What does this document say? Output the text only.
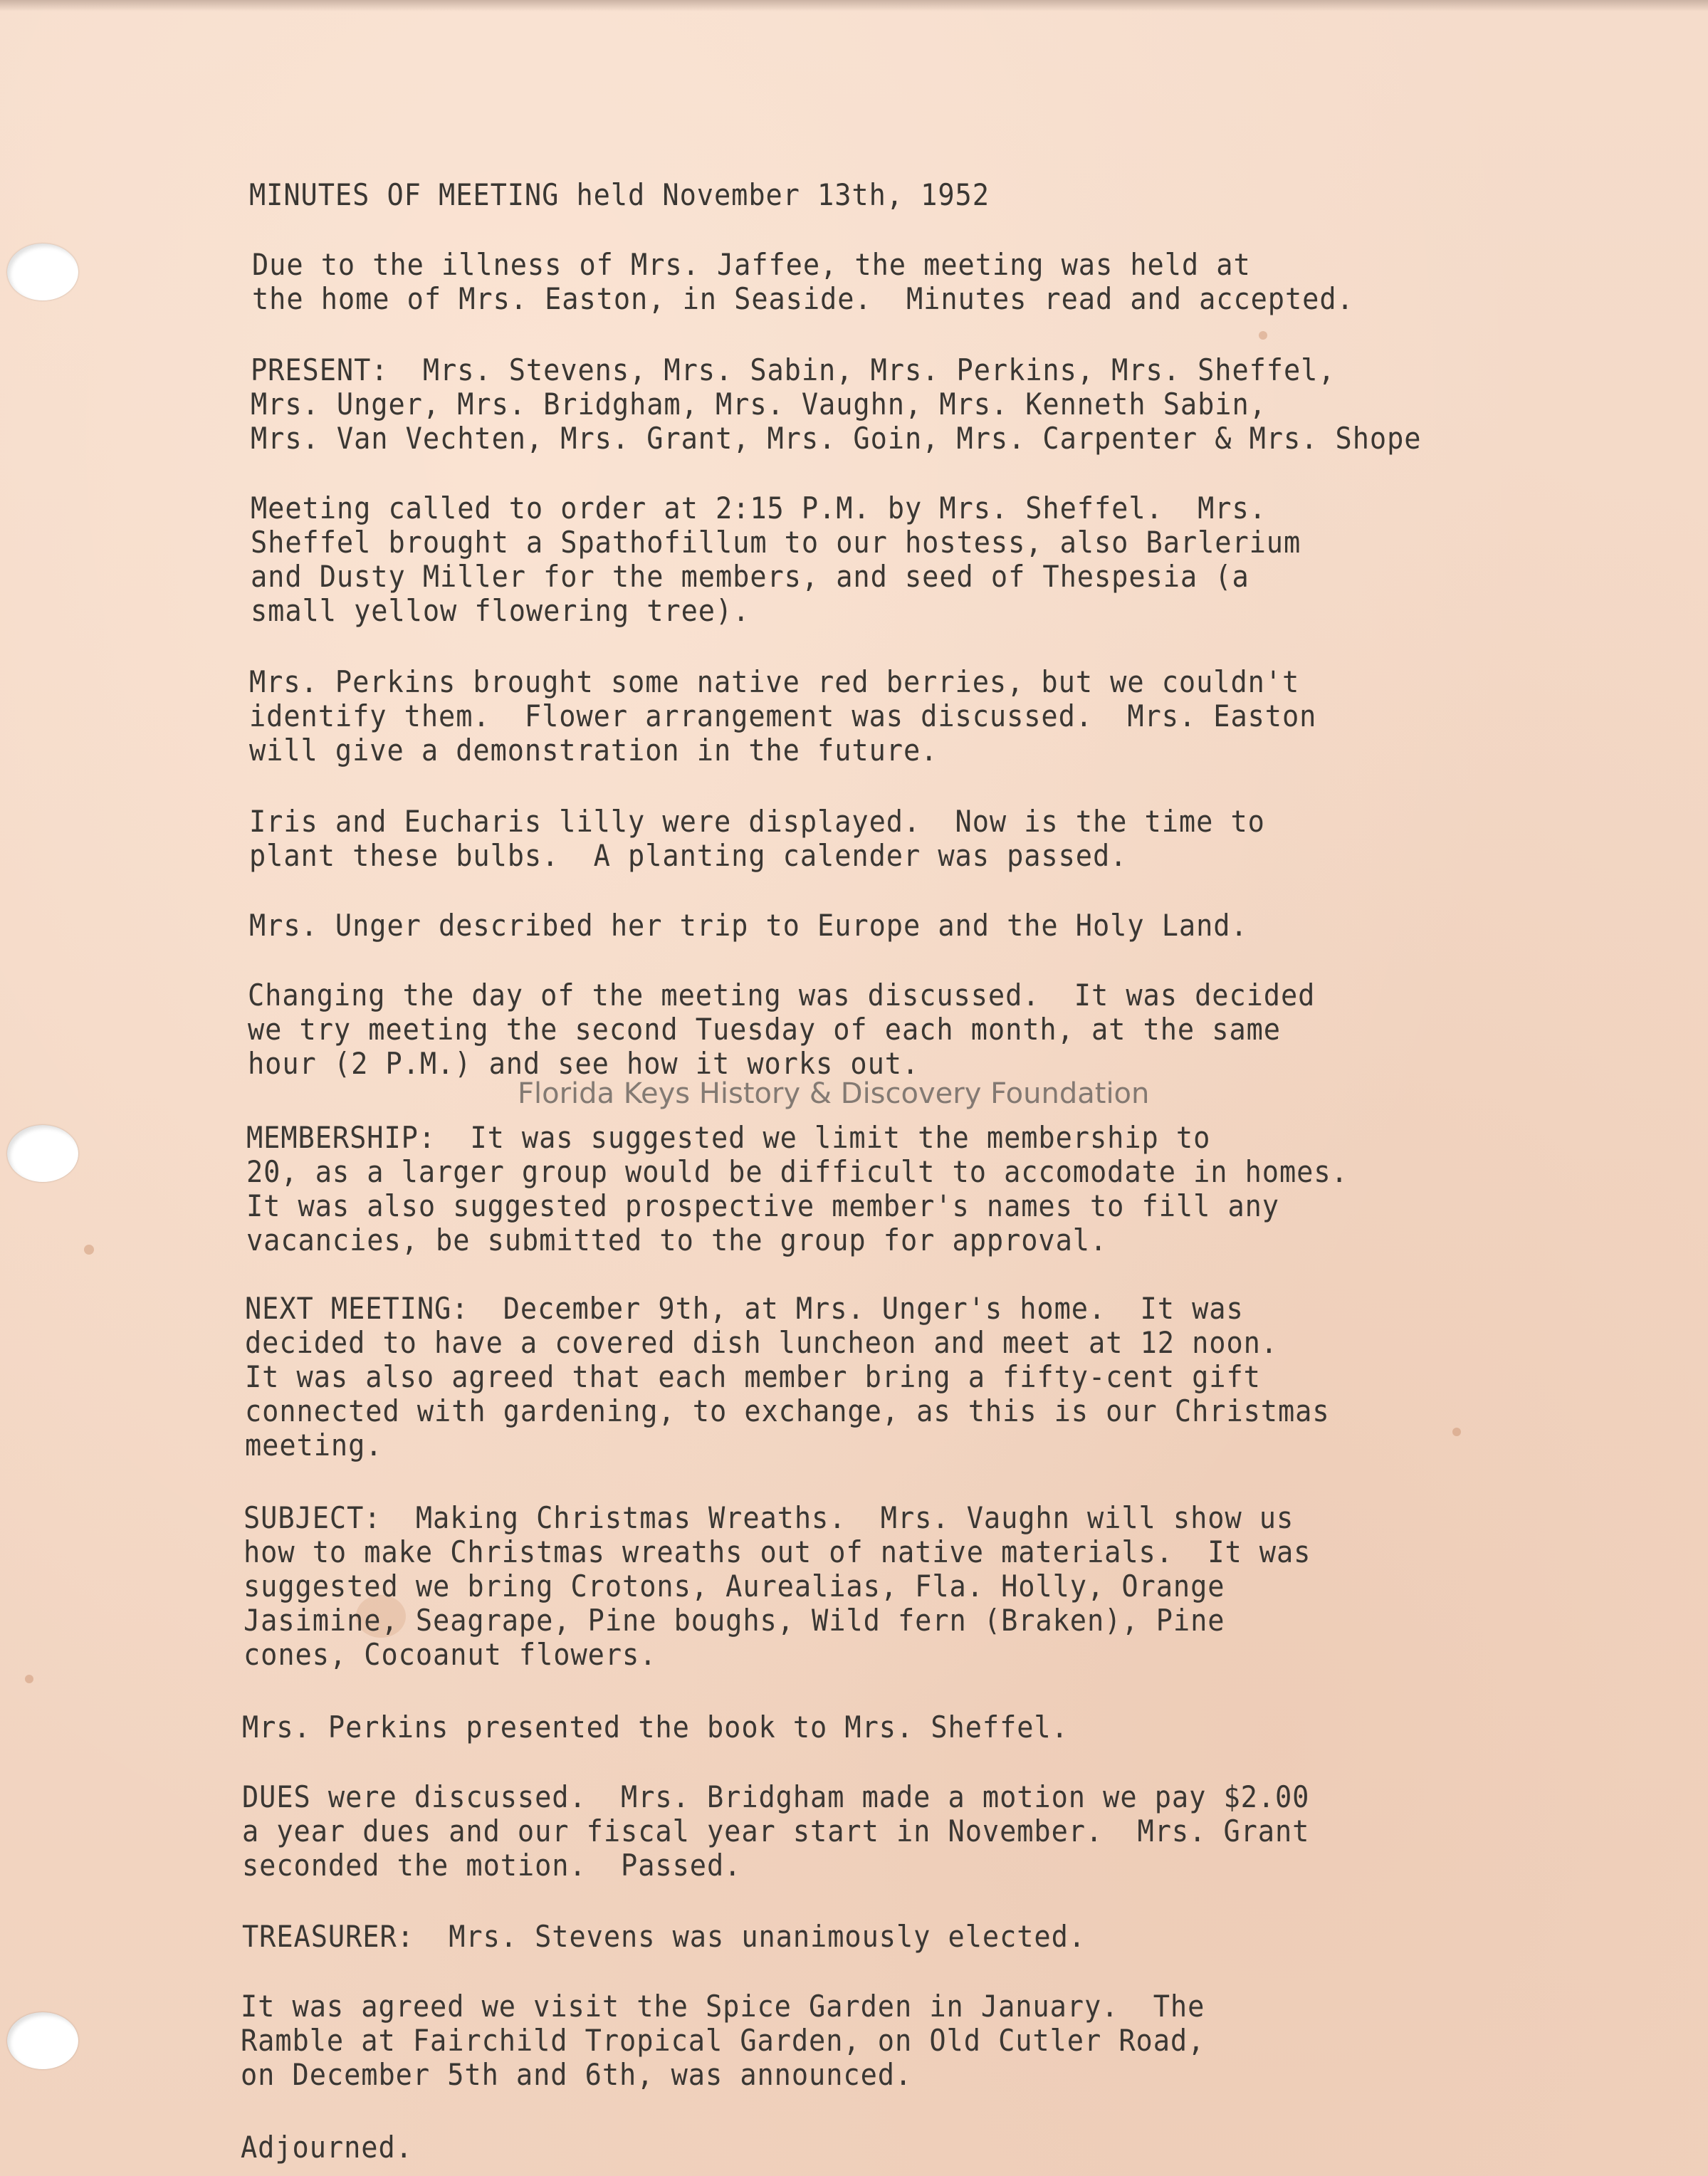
MINUTES OF MEETING held November 13th, 1952
Due to the illness of Mrs. Jaffee, the meeting was held at
the home of Mrs. Easton, in Seaside.  Minutes read and accepted.
PRESENT:  Mrs. Stevens, Mrs. Sabin, Mrs. Perkins, Mrs. Sheffel,
Mrs. Unger, Mrs. Bridgham, Mrs. Vaughn, Mrs. Kenneth Sabin,
Mrs. Van Vechten, Mrs. Grant, Mrs. Goin, Mrs. Carpenter & Mrs. Shope
Meeting called to order at 2:15 P.M. by Mrs. Sheffel.  Mrs.
Sheffel brought a Spathofillum to our hostess, also Barlerium
and Dusty Miller for the members, and seed of Thespesia (a
small yellow flowering tree).
Mrs. Perkins brought some native red berries, but we couldn't
identify them.  Flower arrangement was discussed.  Mrs. Easton
will give a demonstration in the future.
Iris and Eucharis lilly were displayed.  Now is the time to
plant these bulbs.  A planting calender was passed.
Mrs. Unger described her trip to Europe and the Holy Land.
Changing the day of the meeting was discussed.  It was decided
we try meeting the second Tuesday of each month, at the same
hour (2 P.M.) and see how it works out.
Florida Keys History & Discovery Foundation
MEMBERSHIP:  It was suggested we limit the membership to
20, as a larger group would be difficult to accomodate in homes.
It was also suggested prospective member's names to fill any
vacancies, be submitted to the group for approval.
NEXT MEETING:  December 9th, at Mrs. Unger's home.  It was
decided to have a covered dish luncheon and meet at 12 noon.
It was also agreed that each member bring a fifty-cent gift
connected with gardening, to exchange, as this is our Christmas
meeting.
SUBJECT:  Making Christmas Wreaths.  Mrs. Vaughn will show us
how to make Christmas wreaths out of native materials.  It was
suggested we bring Crotons, Aurealias, Fla. Holly, Orange
Jasimine, Seagrape, Pine boughs, Wild fern (Braken), Pine
cones, Cocoanut flowers.
Mrs. Perkins presented the book to Mrs. Sheffel.
DUES were discussed.  Mrs. Bridgham made a motion we pay $2.00
a year dues and our fiscal year start in November.  Mrs. Grant
seconded the motion.  Passed.
TREASURER:  Mrs. Stevens was unanimously elected.
It was agreed we visit the Spice Garden in January.  The
Ramble at Fairchild Tropical Garden, on Old Cutler Road,
on December 5th and 6th, was announced.
Adjourned.
